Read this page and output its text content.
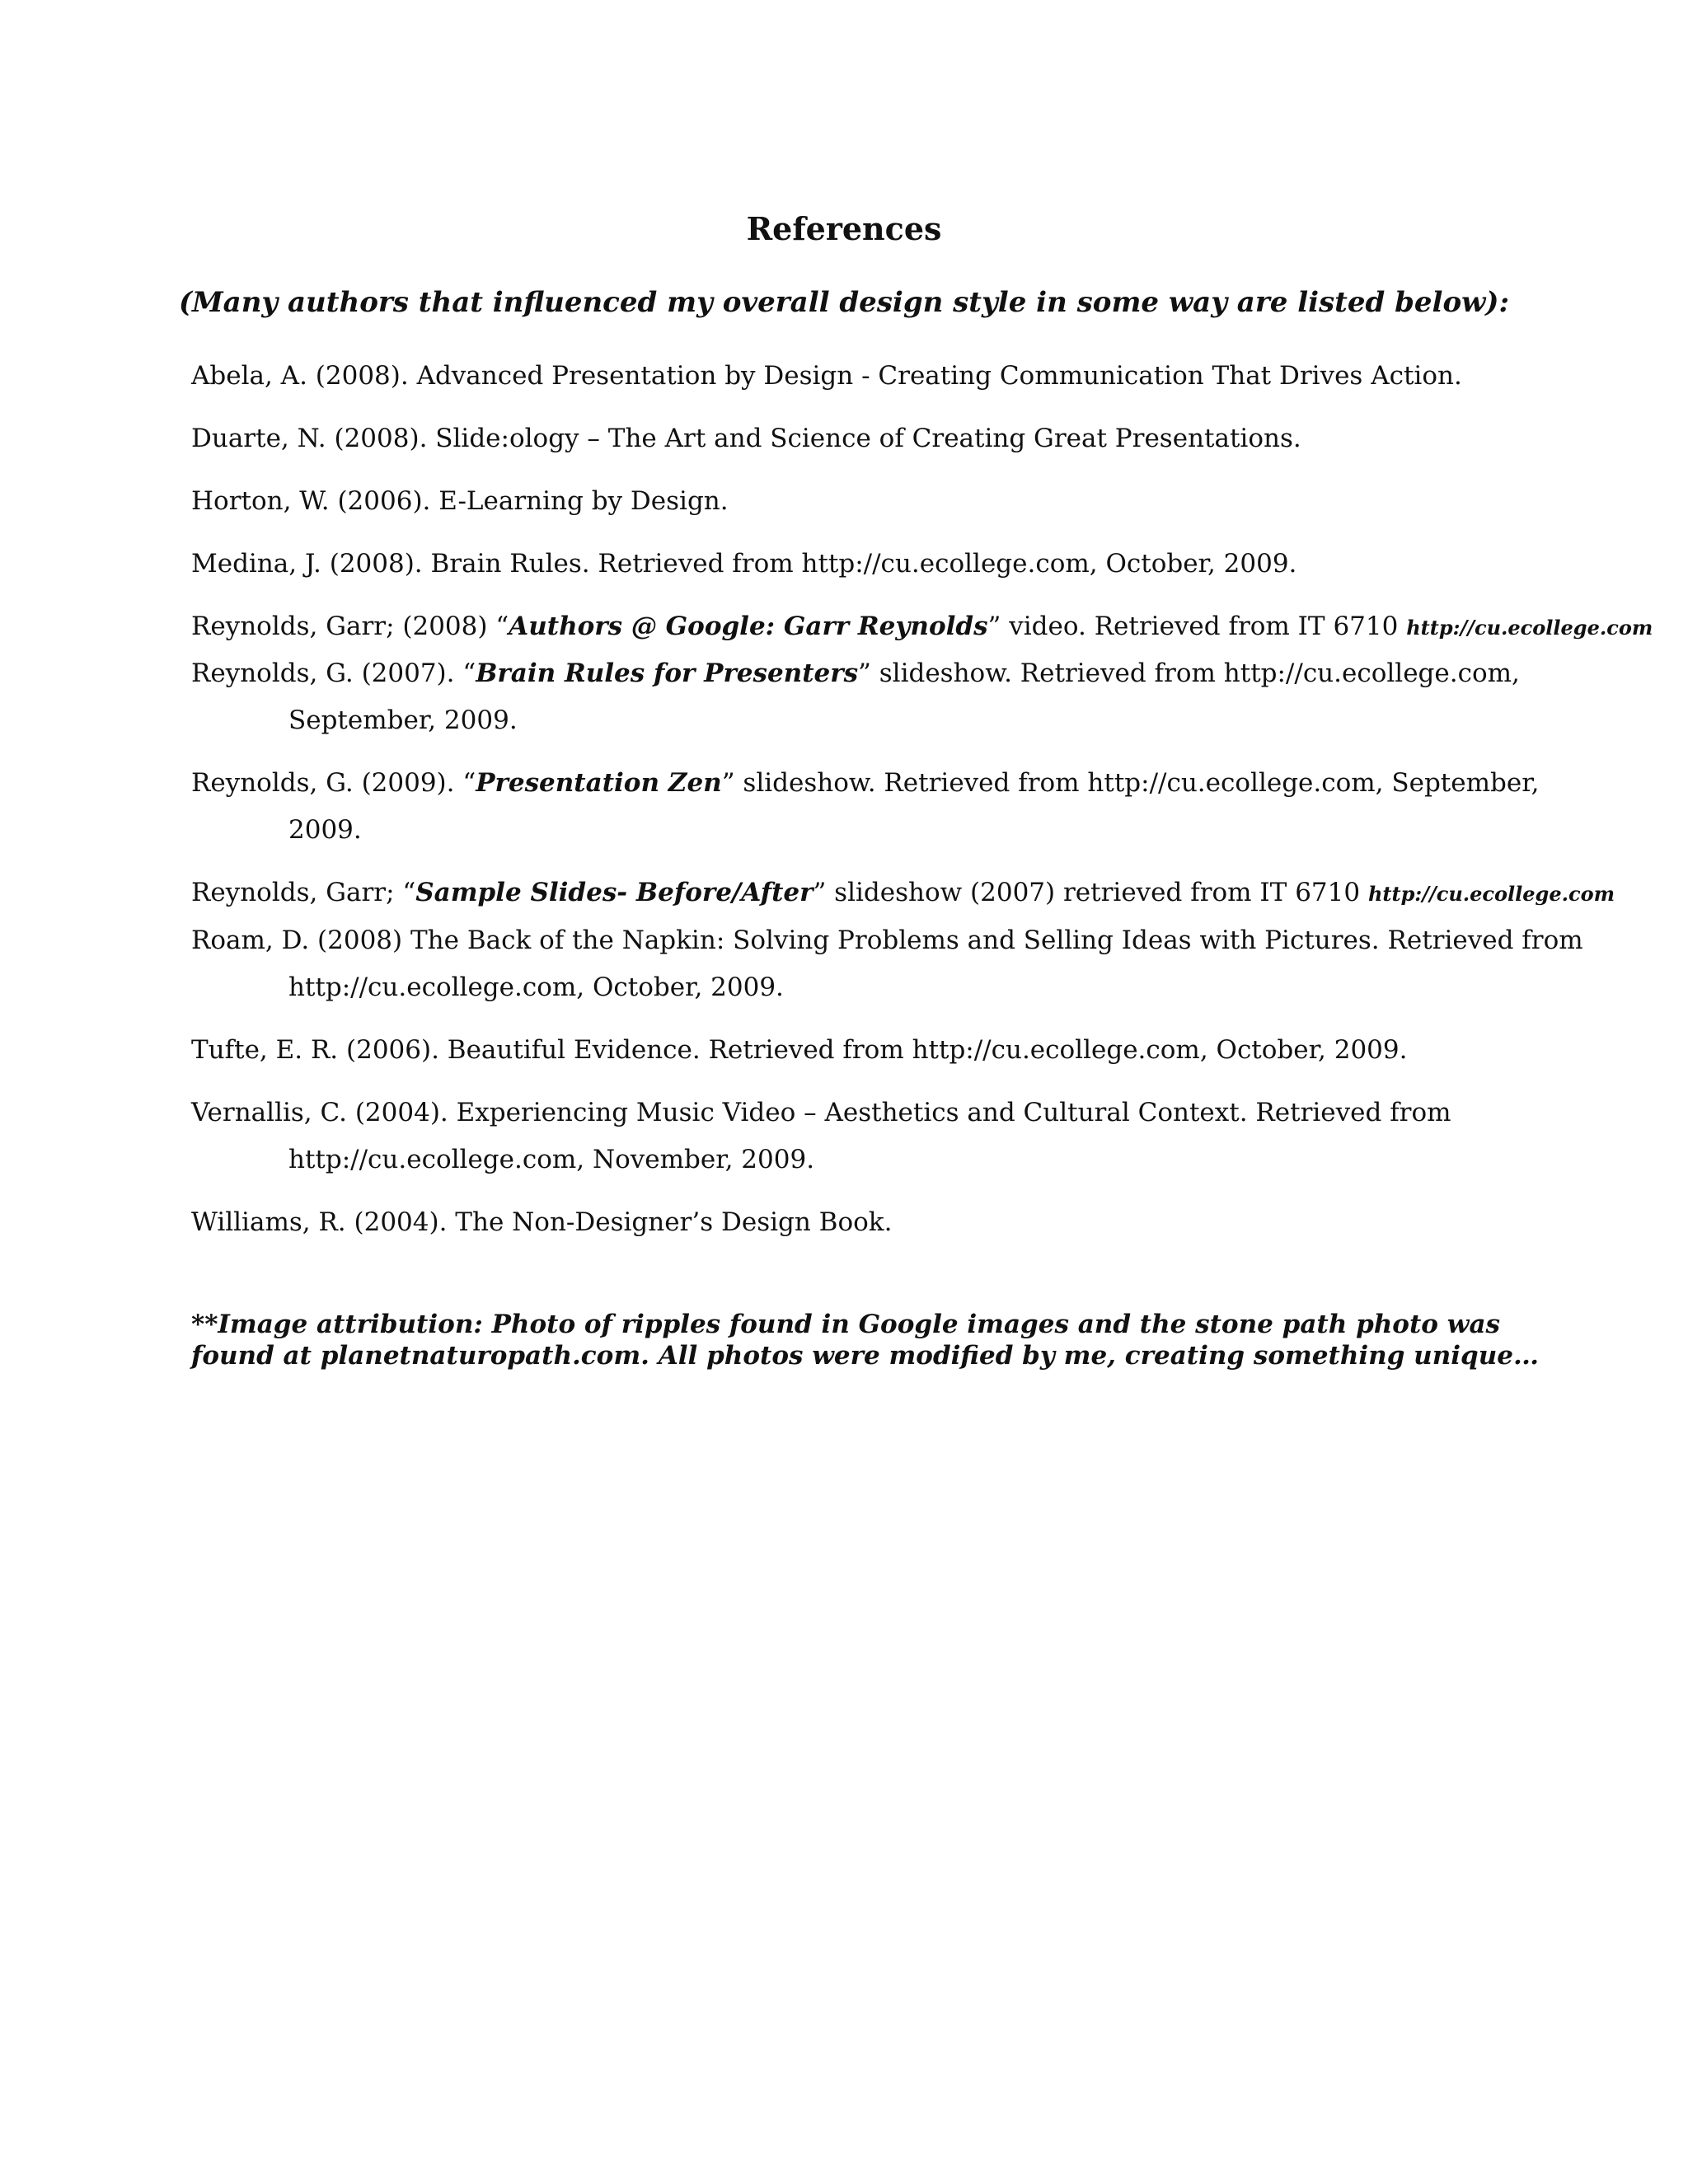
References

(Many authors that influenced my overall design style in some way are listed below):

Abela, A. (2008). Advanced Presentation by Design - Creating Communication That Drives Action.
Duarte, N. (2008). Slide:ology – The Art and Science of Creating Great Presentations.
Horton, W. (2006). E-Learning by Design.
Medina, J. (2008). Brain Rules. Retrieved from http://cu.ecollege.com, October, 2009.
Reynolds, Garr; (2008) “Authors @ Google: Garr Reynolds” video. Retrieved from IT 6710 http://cu.ecollege.com
Reynolds, G. (2007). “Brain Rules for Presenters” slideshow. Retrieved from http://cu.ecollege.com,
September, 2009.
Reynolds, G. (2009). “Presentation Zen” slideshow. Retrieved from http://cu.ecollege.com, September,
2009.
Reynolds, Garr; “Sample Slides- Before/After” slideshow (2007) retrieved from IT 6710 http://cu.ecollege.com
Roam, D. (2008) The Back of the Napkin: Solving Problems and Selling Ideas with Pictures. Retrieved from
http://cu.ecollege.com, October, 2009.
Tufte, E. R. (2006). Beautiful Evidence. Retrieved from http://cu.ecollege.com, October, 2009.
Vernallis, C. (2004). Experiencing Music Video – Aesthetics and Cultural Context. Retrieved from
http://cu.ecollege.com, November, 2009.
Williams, R. (2004). The Non-Designer’s Design Book.

**Image attribution: Photo of ripples found in Google images and the stone path photo was found at planetnaturopath.com. All photos were modified by me, creating something unique…
